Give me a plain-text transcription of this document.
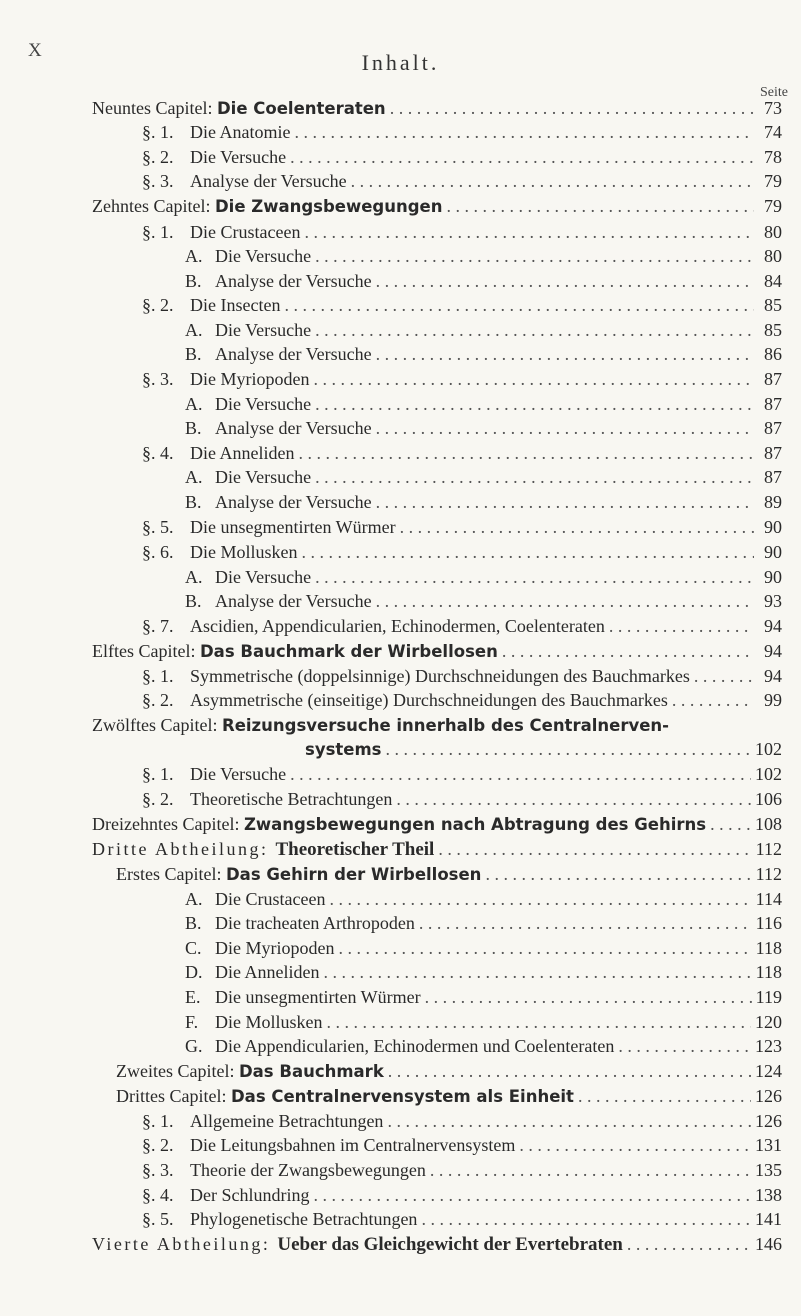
X	Inhalt.
Seite
Neuntes Capitel: Die Coelenteraten . . .	73
§. 1. Die Anatomie . . .	74
§. 2. Die Versuche . . .	78
§. 3. Analyse der Versuche . . .	79
Zehntes Capitel: Die Zwangsbewegungen . . .	79
§. 1. Die Crustaceen . . .	80
A. Die Versuche . . .	80
B. Analyse der Versuche . . .	84
§. 2. Die Insecten . . .	85
A. Die Versuche . . .	85
B. Analyse der Versuche . . .	86
§. 3. Die Myriopoden . . .	87
A. Die Versuche . . .	87
B. Analyse der Versuche . . .	87
§. 4. Die Anneliden . . .	87
A. Die Versuche . . .	87
B. Analyse der Versuche . . .	89
§. 5. Die unsegmentirten Würmer . . .	90
§. 6. Die Mollusken . . .	90
A. Die Versuche . . .	90
B. Analyse der Versuche . . .	93
§. 7. Ascidien, Appendicularien, Echinodermen, Coelenteraten . . .	94
Elftes Capitel: Das Bauchmark der Wirbellosen . . .	94
§. 1. Symmetrische (doppelsinnige) Durchschneidungen des Bauchmarkes . . .	94
§. 2. Asymmetrische (einseitige) Durchschneidungen des Bauchmarkes . . .	99
Zwölftes Capitel: Reizungsversuche innerhalb des Centralnerven-
systems . . .	102
§. 1. Die Versuche . . .	102
§. 2. Theoretische Betrachtungen . . .	106
Dreizehntes Capitel: Zwangsbewegungen nach Abtragung des Gehirns . . .	108
Dritte Abtheilung: Theoretischer Theil . . .	112
Erstes Capitel: Das Gehirn der Wirbellosen . . .	112
A. Die Crustaceen . . .	114
B. Die tracheaten Arthropoden . . .	116
C. Die Myriopoden . . .	118
D. Die Anneliden . . .	118
E. Die unsegmentirten Würmer . . .	119
F. Die Mollusken . . .	120
G. Die Appendicularien, Echinodermen und Coelenteraten . . .	123
Zweites Capitel: Das Bauchmark . . .	124
Drittes Capitel: Das Centralnervensystem als Einheit . . .	126
§. 1. Allgemeine Betrachtungen . . .	126
§. 2. Die Leitungsbahnen im Centralnervensystem . . .	131
§. 3. Theorie der Zwangsbewegungen . . .	135
§. 4. Der Schlundring . . .	138
§. 5. Phylogenetische Betrachtungen . . .	141
Vierte Abtheilung: Ueber das Gleichgewicht der Evertebraten . . .	146
